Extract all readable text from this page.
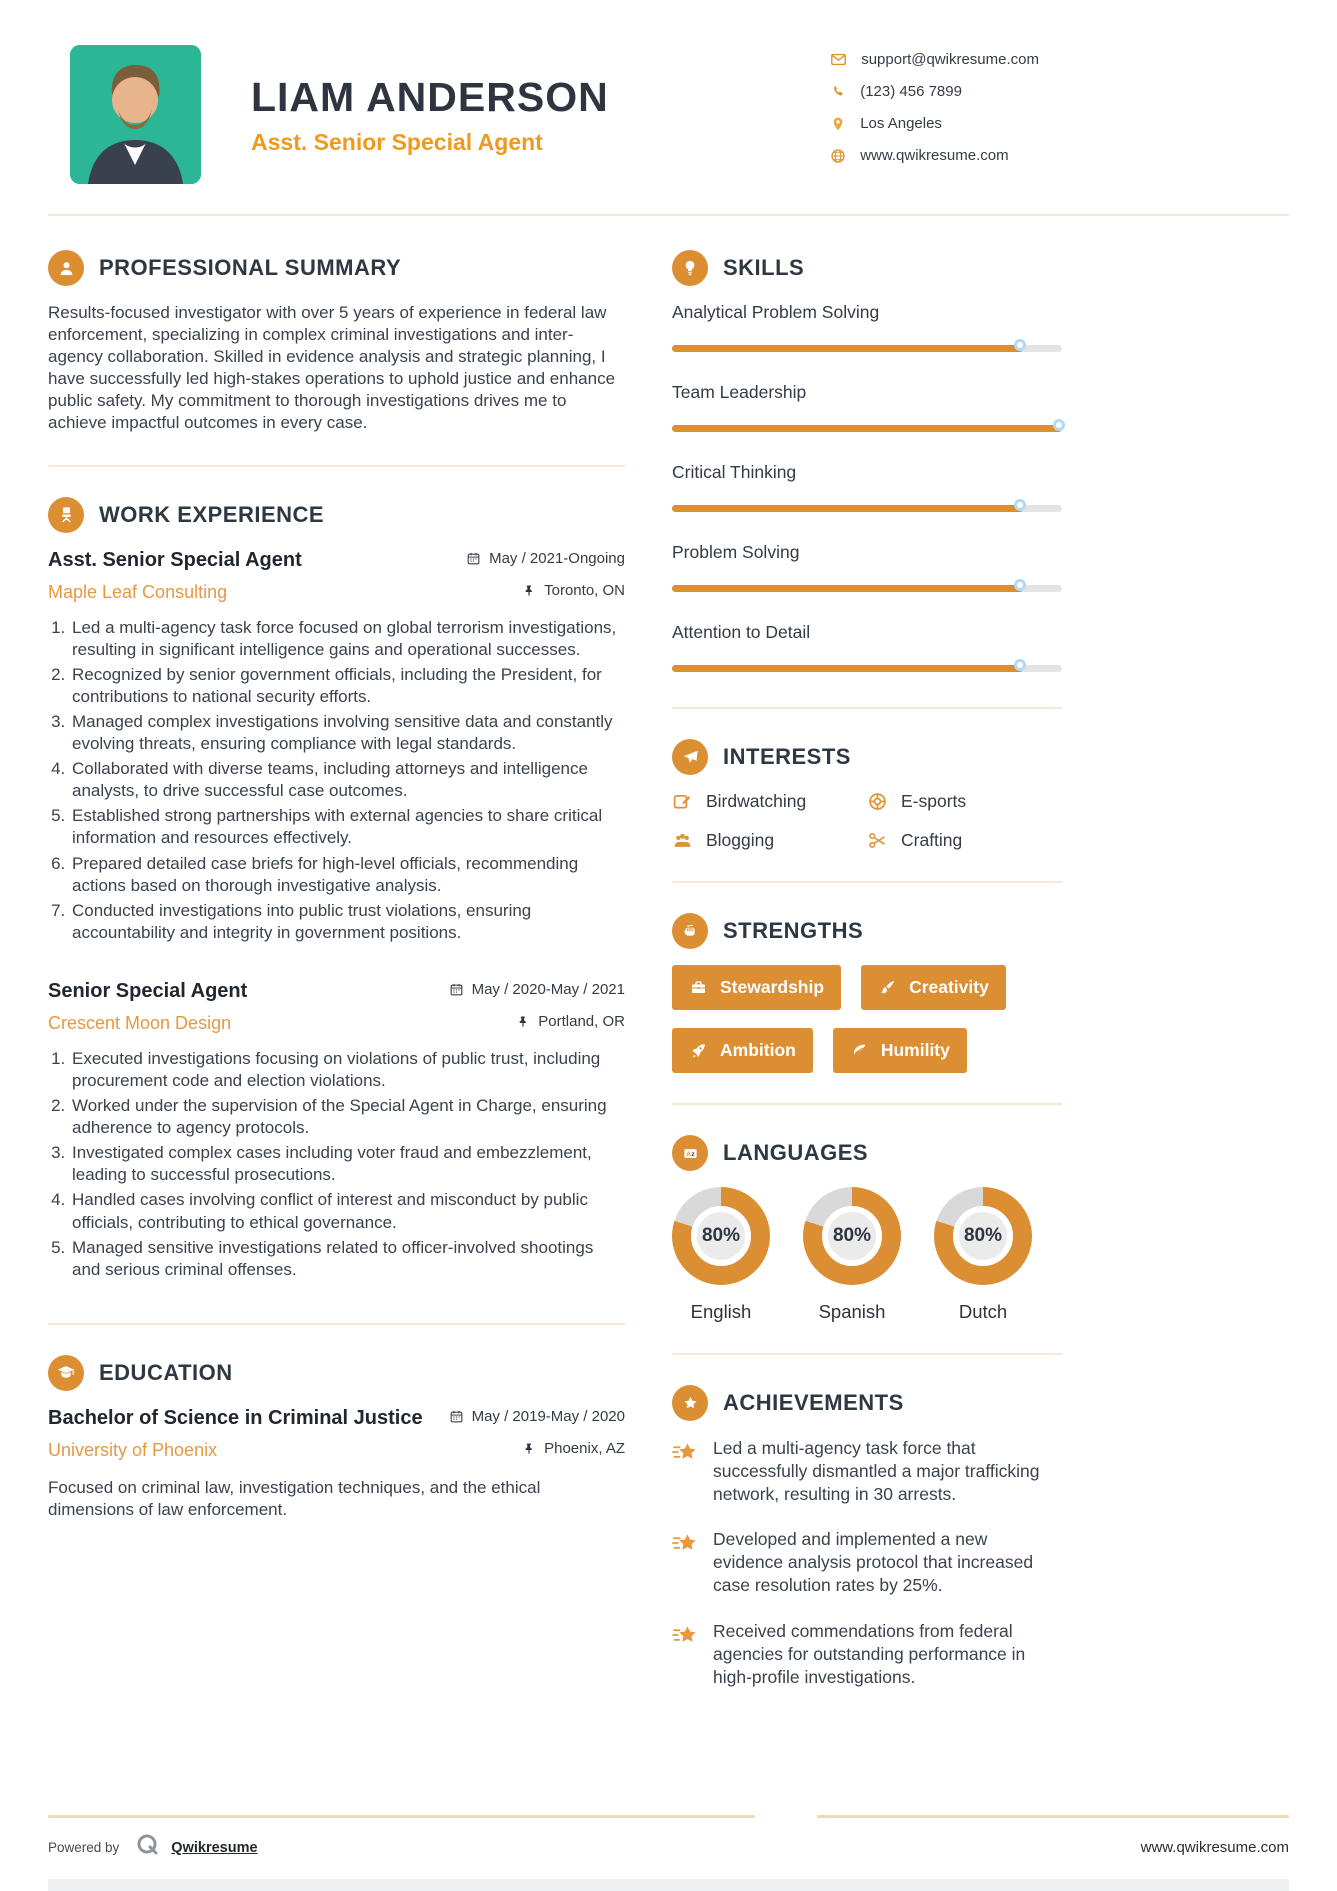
LIAM ANDERSON
Asst. Senior Special Agent
support@qwikresume.com
(123) 456 7899
Los Angeles
www.qwikresume.com
PROFESSIONAL SUMMARY

Results-focused investigator with over 5 years of experience in federal law enforcement, specializing in complex criminal investigations and inter-agency collaboration. Skilled in evidence analysis and strategic planning, I have successfully led high-stakes operations to uphold justice and enhance public safety. My commitment to thorough investigations drives me to achieve impactful outcomes in every case.

WORK EXPERIENCE
Asst. Senior Special Agent	May / 2021-Ongoing
Maple Leaf Consulting	Toronto, ON
1. Led a multi-agency task force focused on global terrorism investigations, resulting in significant intelligence gains and operational successes.
2. Recognized by senior government officials, including the President, for contributions to national security efforts.
3. Managed complex investigations involving sensitive data and constantly evolving threats, ensuring compliance with legal standards.
4. Collaborated with diverse teams, including attorneys and intelligence analysts, to drive successful case outcomes.
5. Established strong partnerships with external agencies to share critical information and resources effectively.
6. Prepared detailed case briefs for high-level officials, recommending actions based on thorough investigative analysis.
7. Conducted investigations into public trust violations, ensuring accountability and integrity in government positions.
Senior Special Agent	May / 2020-May / 2021
Crescent Moon Design	Portland, OR
1. Executed investigations focusing on violations of public trust, including procurement code and election violations.
2. Worked under the supervision of the Special Agent in Charge, ensuring adherence to agency protocols.
3. Investigated complex cases including voter fraud and embezzlement, leading to successful prosecutions.
4. Handled cases involving conflict of interest and misconduct by public officials, contributing to ethical governance.
5. Managed sensitive investigations related to officer-involved shootings and serious criminal offenses.
EDUCATION
Bachelor of Science in Criminal Justice	May / 2019-May / 2020
University of Phoenix	Phoenix, AZ

Focused on criminal law, investigation techniques, and the ethical dimensions of law enforcement.

SKILLS
Analytical Problem Solving
Team Leadership
Critical Thinking
Problem Solving
Attention to Detail
INTERESTS
Birdwatching	E-sports
Blogging	Crafting
STRENGTHS
Stewardship	Creativity
Ambition	Humility
A z LANGUAGES
80%
English
80%
Spanish
80%
Dutch
ACHIEVEMENTS
Led a multi-agency task force that successfully dismantled a major trafficking network, resulting in 30 arrests.
Developed and implemented a new evidence analysis protocol that increased case resolution rates by 25%.
Received commendations from federal agencies for outstanding performance in high-profile investigations.
Powered by	Qwikresume	www.qwikresume.com
